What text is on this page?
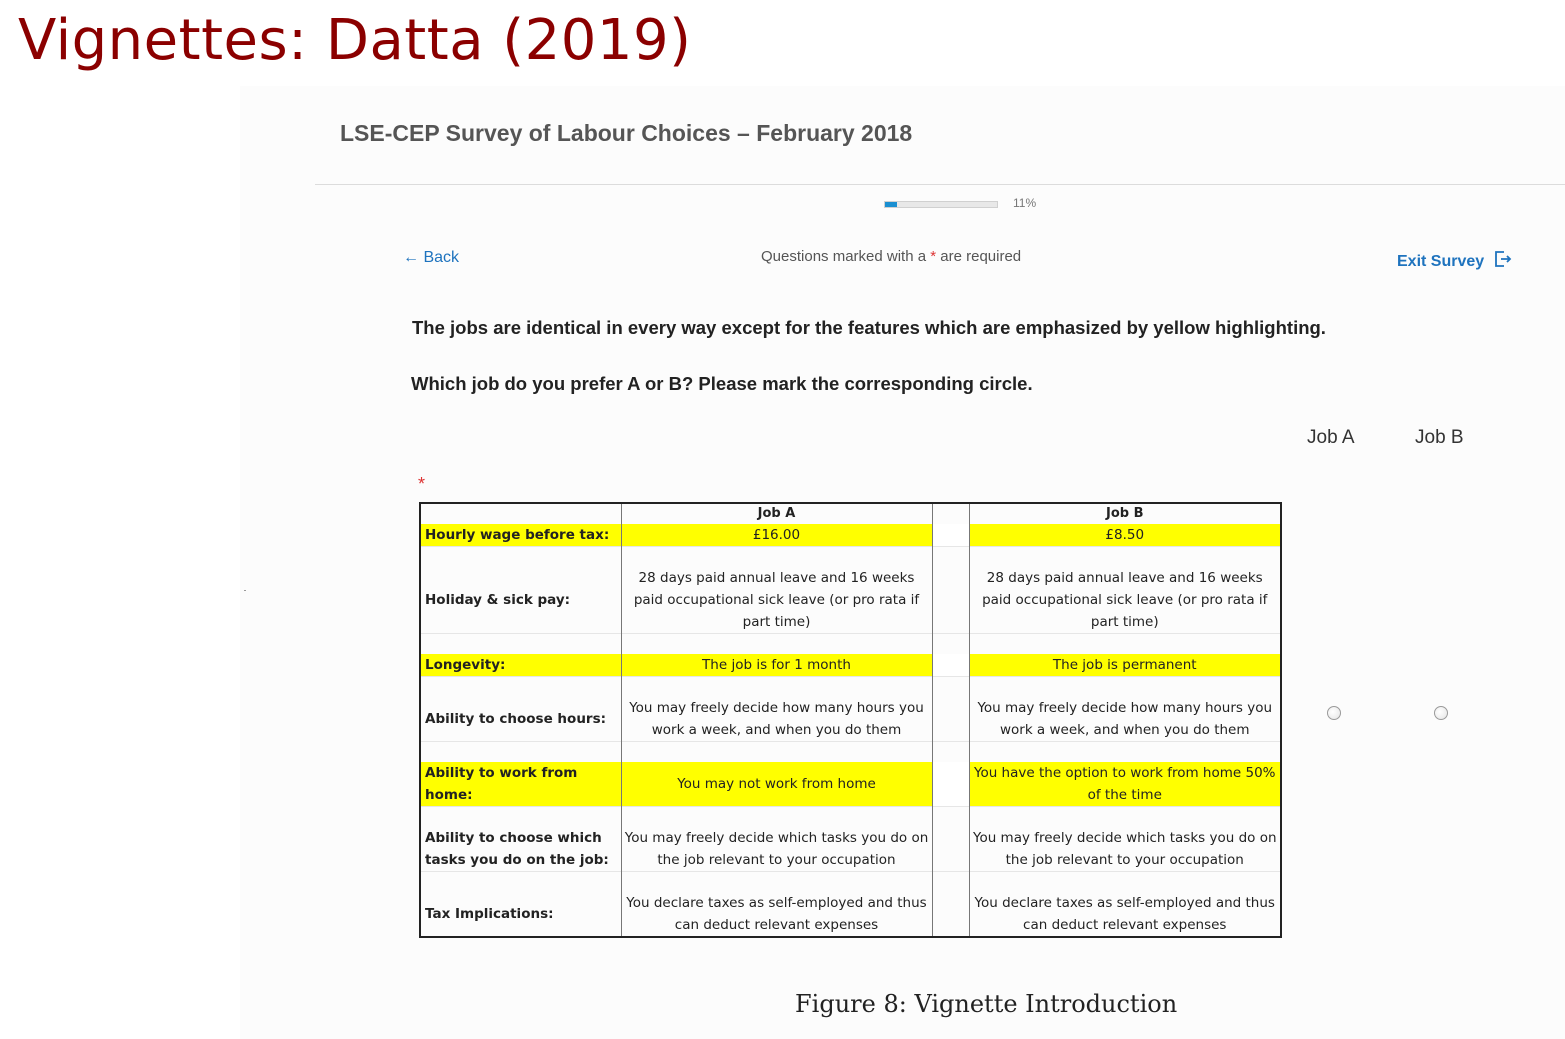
Vignettes: Datta (2019)
LSE-CEP Survey of Labour Choices – February 2018
11%
← Back	Questions marked with a * are required	Exit Survey
The jobs are identical in every way except for the features which are emphasized by yellow highlighting.
Which job do you prefer A or B? Please mark the corresponding circle.
Job A	Job B
*
	Job A		Job B
Hourly wage before tax:	£16.00		£8.50

Holiday & sick pay:	28 days paid annual leave and 16 weeks paid occupational sick leave (or pro rata if part time)		28 days paid annual leave and 16 weeks paid occupational sick leave (or pro rata if part time)

Longevity:	The job is for 1 month		The job is permanent

Ability to choose hours:	You may freely decide how many hours you work a week, and when you do them		You may freely decide how many hours you work a week, and when you do them

Ability to work from home:	You may not work from home		You have the option to work from home 50% of the time

Ability to choose which tasks you do on the job:	You may freely decide which tasks you do on the job relevant to your occupation		You may freely decide which tasks you do on the job relevant to your occupation

Tax Implications:	You declare taxes as self-employed and thus can deduct relevant expenses		You declare taxes as self-employed and thus can deduct relevant expenses
Figure 8: Vignette Introduction
